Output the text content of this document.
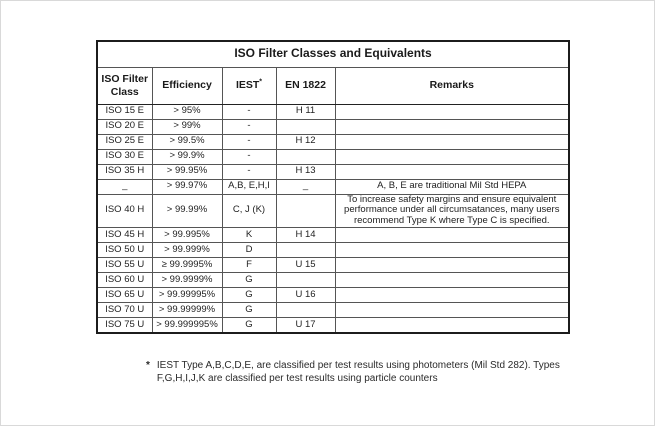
ISO Filter Classes and Equivalents				
ISO Filter Class	Efficiency	IEST*	EN 1822	Remarks
ISO 15 E	> 95%	-	H 11	
ISO 20 E	> 99%	-		
ISO 25 E	> 99.5%	-	H 12	
ISO 30 E	> 99.9%	-		
ISO 35 H	> 99.95%	-	H 13	
_	> 99.97%	A,B, E,H,I	_	A, B, E are traditional Mil Std HEPA
ISO 40 H	> 99.99%	C, J (K)		To increase safety margins and ensure equivalent performance under all circumsatances, many users recommend Type K where Type C is specified.
ISO 45 H	> 99.995%	K	H 14	
ISO 50 U	> 99.999%	D		
ISO 55 U	≥ 99.9995%	F	U 15	
ISO 60 U	> 99.9999%	G		
ISO 65 U	> 99.99995%	G	U 16	
ISO 70 U	> 99.99999%	G		
ISO 75 U	> 99.999995%	G	U 17	
* IEST Type A,B,C,D,E, are classified per test results using photometers (Mil Std 282). Types
F,G,H,I,J,K are classified per test results using particle counters
